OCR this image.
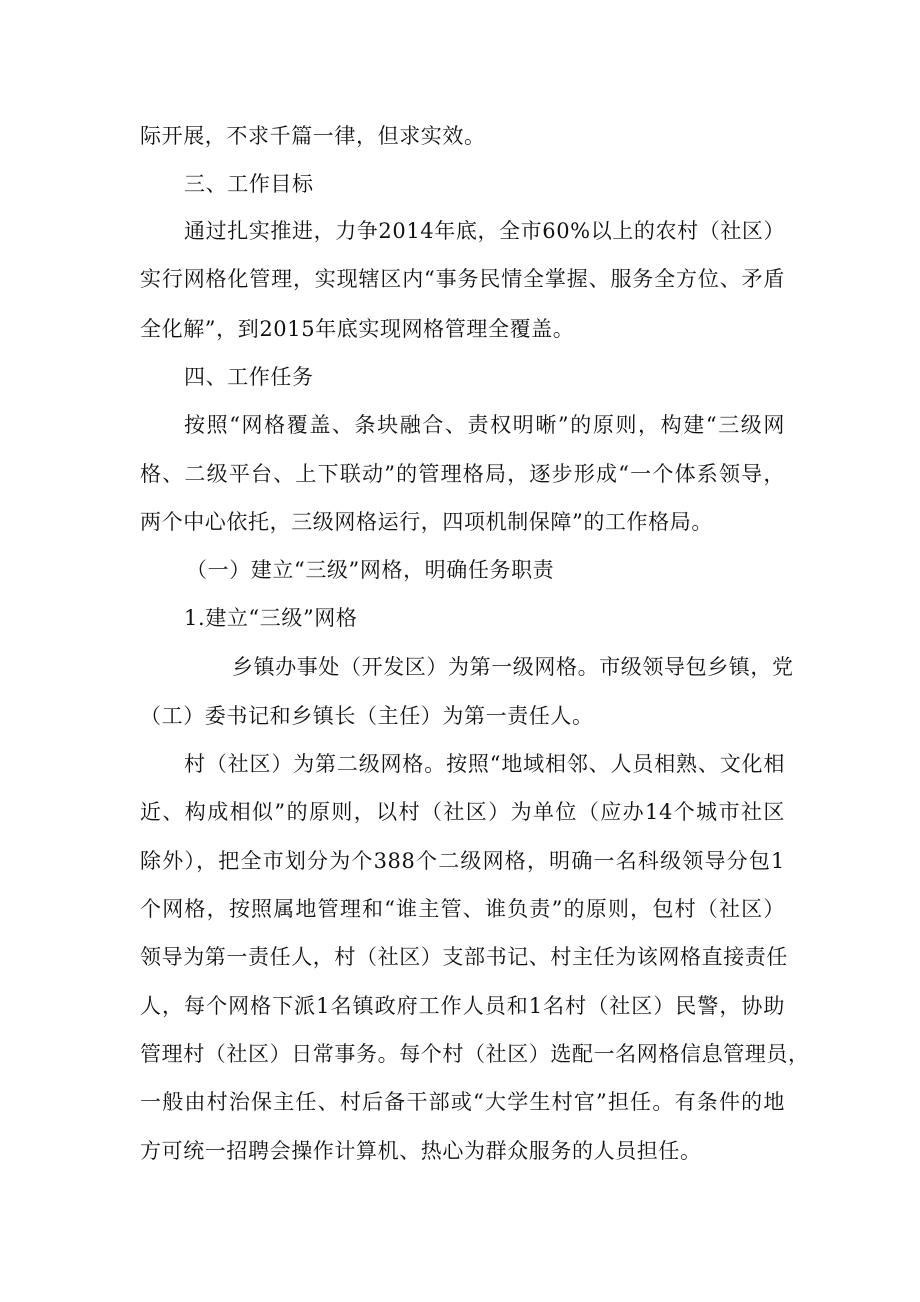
际开展，不求千篇一律，但求实效。
三、工作目标
通过扎实推进，力争2014年底，全市60%以上的农村（社区）
实行网格化管理，实现辖区内“事务民情全掌握、服务全方位、矛盾
全化解”，到2015年底实现网格管理全覆盖。
四、工作任务
按照“网格覆盖、条块融合、责权明晰”的原则，构建“三级网
格、二级平台、上下联动”的管理格局，逐步形成“一个体系领导，
两个中心依托，三级网格运行，四项机制保障”的工作格局。
（一）建立“三级”网格，明确任务职责
1.建立“三级”网格
乡镇办事处（开发区）为第一级网格。市级领导包乡镇，党
（工）委书记和乡镇长（主任）为第一责任人。
村（社区）为第二级网格。按照“地域相邻、人员相熟、文化相
近、构成相似”的原则，以村（社区）为单位（应办14个城市社区
除外），把全市划分为个388个二级网格，明确一名科级领导分包1
个网格，按照属地管理和“谁主管、谁负责”的原则，包村（社区）
领导为第一责任人，村（社区）支部书记、村主任为该网格直接责任
人，每个网格下派1名镇政府工作人员和1名村（社区）民警，协助
管理村（社区）日常事务。每个村（社区）选配一名网格信息管理员，
一般由村治保主任、村后备干部或“大学生村官”担任。有条件的地
方可统一招聘会操作计算机、热心为群众服务的人员担任。
